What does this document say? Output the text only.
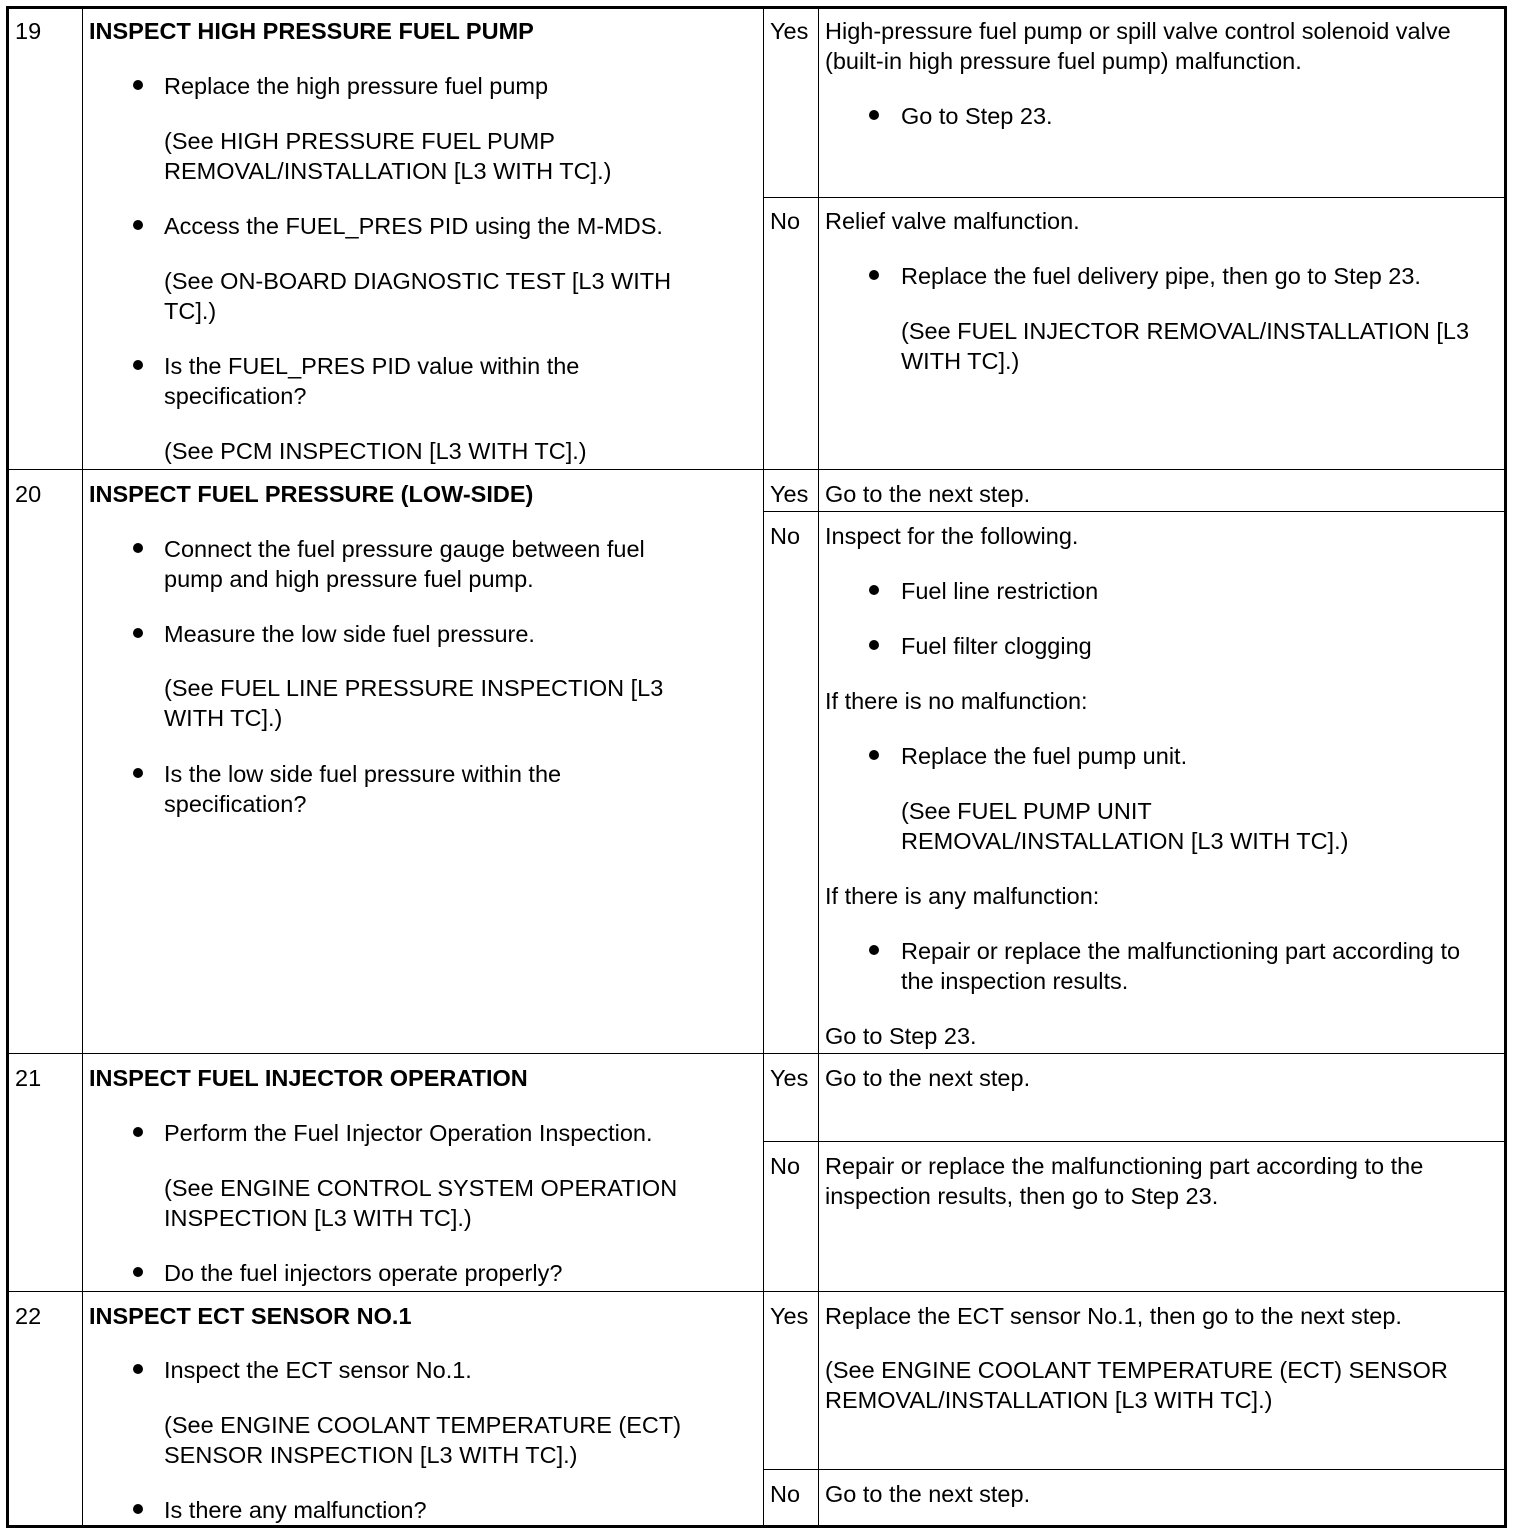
19 INSPECT HIGH PRESSURE FUEL PUMP
Replace the high pressure fuel pump
(See HIGH PRESSURE FUEL PUMP REMOVAL/INSTALLATION [L3 WITH TC].)
Access the FUEL_PRES PID using the M-MDS.
(See ON-BOARD DIAGNOSTIC TEST [L3 WITH TC].)
Is the FUEL_PRES PID value within the specification?
(See PCM INSPECTION [L3 WITH TC].)
Yes High-pressure fuel pump or spill valve control solenoid valve (built-in high pressure fuel pump) malfunction.
Go to Step 23.
No Relief valve malfunction.
Replace the fuel delivery pipe, then go to Step 23.
(See FUEL INJECTOR REMOVAL/INSTALLATION [L3 WITH TC].)
20 INSPECT FUEL PRESSURE (LOW-SIDE)
Connect the fuel pressure gauge between fuel pump and high pressure fuel pump.
Measure the low side fuel pressure.
(See FUEL LINE PRESSURE INSPECTION [L3 WITH TC].)
Is the low side fuel pressure within the specification?
Yes Go to the next step.
No Inspect for the following.
Fuel line restriction
Fuel filter clogging
If there is no malfunction:
Replace the fuel pump unit.
(See FUEL PUMP UNIT REMOVAL/INSTALLATION [L3 WITH TC].)
If there is any malfunction:
Repair or replace the malfunctioning part according to the inspection results.
Go to Step 23.
21 INSPECT FUEL INJECTOR OPERATION
Perform the Fuel Injector Operation Inspection.
(See ENGINE CONTROL SYSTEM OPERATION INSPECTION [L3 WITH TC].)
Do the fuel injectors operate properly?
Yes Go to the next step.
No Repair or replace the malfunctioning part according to the inspection results, then go to Step 23.
22 INSPECT ECT SENSOR NO.1
Inspect the ECT sensor No.1.
(See ENGINE COOLANT TEMPERATURE (ECT) SENSOR INSPECTION [L3 WITH TC].)
Is there any malfunction?
Yes Replace the ECT sensor No.1, then go to the next step.
(See ENGINE COOLANT TEMPERATURE (ECT) SENSOR REMOVAL/INSTALLATION [L3 WITH TC].)
No Go to the next step.
